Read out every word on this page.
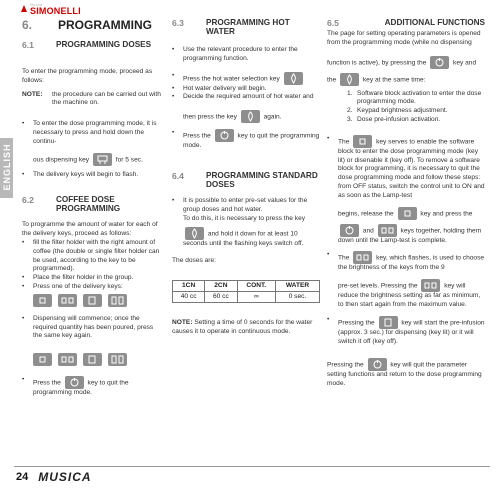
Nuova
SIMONELLI
ENGLISH
6.	PROGRAMMING
6.1	PROGRAMMING DOSES

To enter the programming mode, proceed as follows:

NOTE:	the procedure can be carried out with the machine on.
• To enter the dose programming mode, it is necessary to press and hold down the continu-
ous dispensing key	for 5 sec.
• The delivery keys will begin to flash.
6.2	COFFEE DOSE PROGRAMMING

To programme the amount of water for each of the delivery keys, proceed as follows:

• fill the filter holder with the right amount of coffee (the double or single filter holder can be used, according to the key to be programmed).
• Place the filter holder in the group.
• Press one of the delivery keys:
• Dispensing will commence; once the required quantity has been poured, press the same key again.
• Press the	key to quit the programming mode.
6.3	PROGRAMMING HOT WATER
• Use the relevant procedure to enter the programming function.
• Press the hot water selection key
• Hot water delivery will begin.
• Decide the required amount of hot water and
then press the key	again.
• Press the	key to quit the programming mode.
6.4	PROGRAMMING STANDARD DOSES
• It is possible to enter pre-set values for the group doses and hot water.
To do this, it is necessary to press the key
and hold it down for at least 10 seconds until the flashing keys switch off.

The doses are:

1CN	2CN	CONT.	WATER
40 cc	60 cc	∞	0 sec.
NOTE: Setting a time of 0 seconds for the water causes it to operate in continuous mode.
6.5	ADDITIONAL FUNCTIONS

The page for setting operating parameters is opened from the programming mode (while no dispensing

function is active), by pressing the	key and
the	key at the same time:
1. Software block activation to enter the dose programming mode.
2. Keypad brightness adjustment.
3. Dose pre-infusion activation.
• The	key serves to enable the software block to enter the dose programming mode (key lit) or disenable it (key off). To remove a software block for programming, it is necessary to quit the dose programming mode and follow these steps: from OFF status, switch the control unit to ON and as soon as the Lamp-test
begins, release the	key and press the
and	keys together, holding them down until the Lamp-test is complete.
• The	key, which flashes, is used to choose the brightness of the keys from the 9
pre-set levels. Pressing the	key will reduce the brightness setting as far as minimum, to then start again from the maximum value.
• Pressing the	key will start the pre-infusion (approx. 3 sec.) for dispensing (key lit) or it will switch it off (key off).
Pressing the	key will quit the parameter setting functions and return to the dose programming mode.
24 MUSICA
